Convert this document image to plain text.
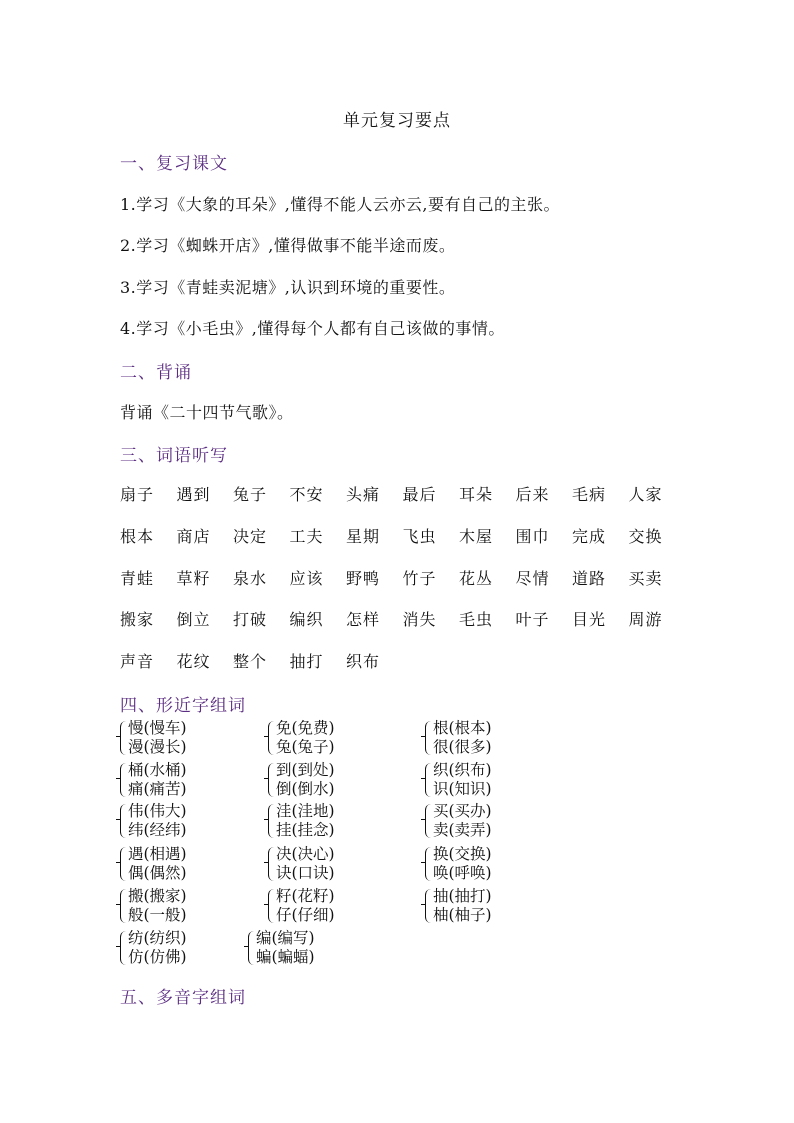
单元复习要点
一、复习课文
1.学习《大象的耳朵》,懂得不能人云亦云,要有自己的主张。
2.学习《蜘蛛开店》,懂得做事不能半途而废。
3.学习《青蛙卖泥塘》,认识到环境的重要性。
4.学习《小毛虫》,懂得每个人都有自己该做的事情。
二、背诵
背诵《二十四节气歌》。
三、词语听写
扇子 遇到 兔子 不安 头痛 最后 耳朵 后来 毛病 人家
根本 商店 决定 工夫 星期 飞虫 木屋 围巾 完成 交换
青蛙 草籽 泉水 应该 野鸭 竹子 花丛 尽情 道路 买卖
搬家 倒立 打破 编织 怎样 消失 毛虫 叶子 目光 周游
声音 花纹 整个 抽打 织布
四、形近字组词
慢(慢车)
漫(漫长)
免(免费)
兔(兔子)
根(根本)
很(很多)
桶(水桶)
痛(痛苦)
到(到处)
倒(倒水)
织(织布)
识(知识)
伟(伟大)
纬(经纬)
洼(洼地)
挂(挂念)
买(买办)
卖(卖弄)
遇(相遇)
偶(偶然)
决(决心)
诀(口诀)
换(交换)
唤(呼唤)
搬(搬家)
般(一般)
籽(花籽)
仔(仔细)
抽(抽打)
柚(柚子)
纺(纺织)
仿(仿佛)
编(编写)
蝙(蝙蝠)
五、多音字组词
